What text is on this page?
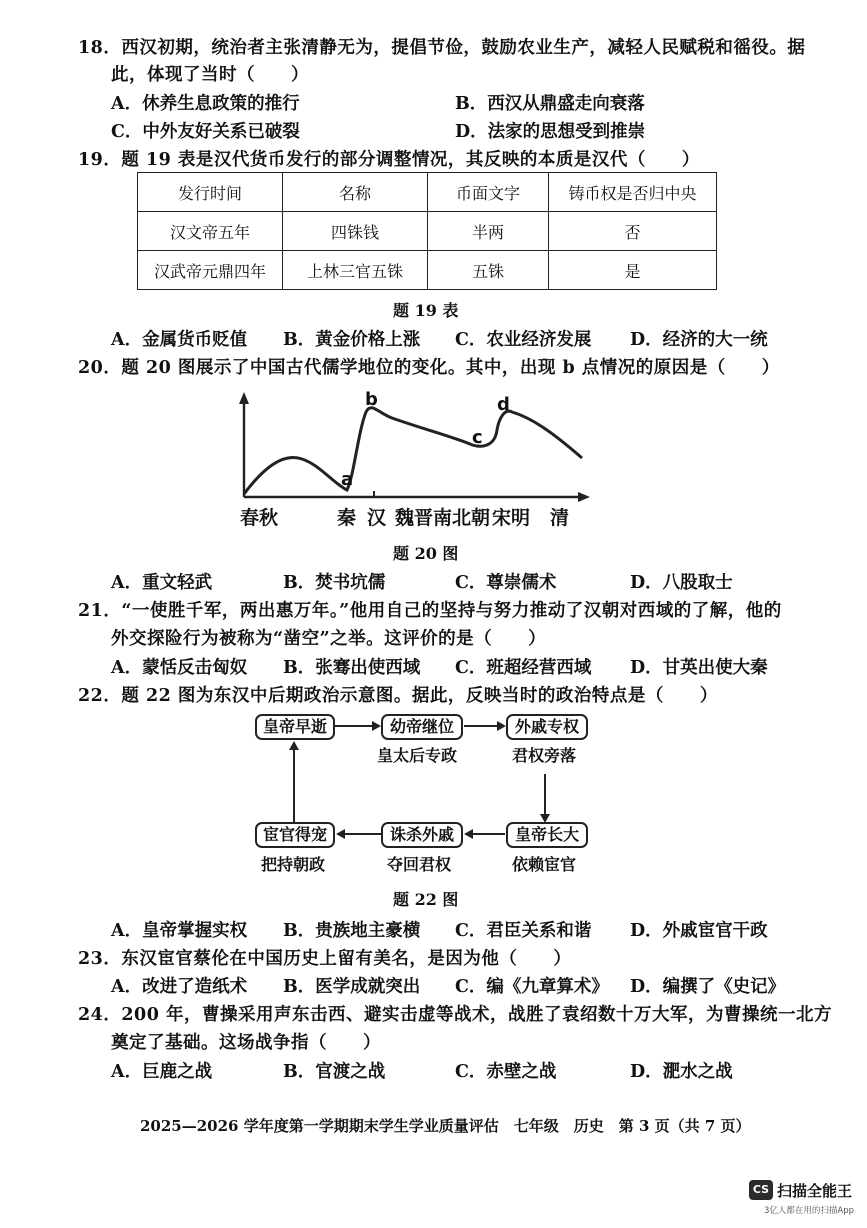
18．西汉初期，统治者主张清静无为，提倡节俭，鼓励农业生产，减轻人民赋税和徭役。据
此，体现了当时（　　）
A．休养生息政策的推行	B．西汉从鼎盛走向衰落
C．中外友好关系已破裂	D．法家的思想受到推崇
19．题 19 表是汉代货币发行的部分调整情况，其反映的本质是汉代（　　）
发行时间	名称	币面文字	铸币权是否归中央
汉文帝五年	四铢钱	半两	否
汉武帝元鼎四年	上林三官五铢	五铢	是
题 19 表
A．金属货币贬值 B．黄金价格上涨 C．农业经济发展 D．经济的大一统
20．题 20 图展示了中国古代儒学地位的变化。其中，出现 b 点情况的原因是（　　）
a
b
c
d
春秋	秦 汉 魏晋南北朝 宋明 清
题 20 图
A．重文轻武	B．焚书坑儒	C．尊崇儒术	D．八股取士
21．“一使胜千军，两出惠万年。”他用自己的坚持与努力推动了汉朝对西域的了解，他的
外交探险行为被称为“凿空”之举。这评价的是（　　）
A．蒙恬反击匈奴 B．张骞出使西域 C．班超经营西域 D．甘英出使大秦
22．题 22 图为东汉中后期政治示意图。据此，反映当时的政治特点是（　　）
皇帝早逝	幼帝继位
皇太后专政
外戚专权
君权旁落
皇帝长大
依赖宦官
诛杀外戚
夺回君权
宦官得宠
把持朝政
题 22 图
A．皇帝掌握实权 B．贵族地主豪横 C．君臣关系和谐 D．外戚宦官干政
23．东汉宦官蔡伦在中国历史上留有美名，是因为他（　　）
A．改进了造纸术 B．医学成就突出 C．编《九章算术》 D．编撰了《史记》
24．200 年，曹操采用声东击西、避实击虚等战术，战胜了袁绍数十万大军，为曹操统一北方
奠定了基础。这场战争指（　　）
A．巨鹿之战	B．官渡之战	C．赤壁之战	D．淝水之战
2025—2026 学年度第一学期期末学生学业质量评估　七年级　历史　第 3 页（共 7 页）
CS 扫描全能王
3亿人都在用的扫描App
